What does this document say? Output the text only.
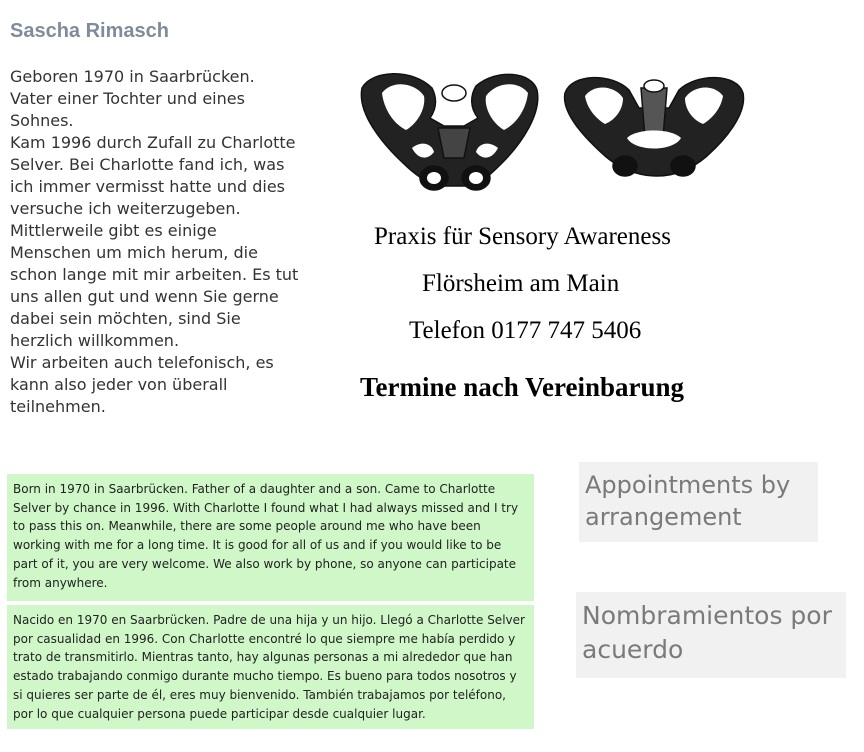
Sascha Rimasch

Geboren 1970 in Saarbrücken.

Vater einer Tochter und eines Sohnes.

Kam 1996 durch Zufall zu Charlotte Selver. Bei Charlotte fand ich, was ich immer vermisst hatte und dies versuche ich weiterzugeben.

Mittlerweile gibt es einige Menschen um mich herum, die schon lange mit mir arbeiten. Es tut uns allen gut und wenn Sie gerne dabei sein möchten, sind Sie herzlich willkommen.

Wir arbeiten auch telefonisch, es kann also jeder von überall teilnehmen.

Praxis für Sensory Awareness
Flörsheim am Main
Telefon 0177 747 5406
Termine nach Vereinbarung
Born in 1970 in Saarbrücken. Father of a daughter and a son. Came to Charlotte Selver by chance in 1996. With Charlotte I found what I had always missed and I try to pass this on. Meanwhile, there are some people around me who have been working with me for a long time. It is good for all of us and if you would like to be part of it, you are very welcome. We also work by phone, so anyone can participate from anywhere.
Nacido en 1970 en Saarbrücken. Padre de una hija y un hijo. Llegó a Charlotte Selver por casualidad en 1996. Con Charlotte encontré lo que siempre me había perdido y trato de transmitirlo. Mientras tanto, hay algunas personas a mi alrededor que han estado trabajando conmigo durante mucho tiempo. Es bueno para todos nosotros y si quieres ser parte de él, eres muy bienvenido. También trabajamos por teléfono, por lo que cualquier persona puede participar desde cualquier lugar.
Appointments by arrangement
Nombramientos por acuerdo
